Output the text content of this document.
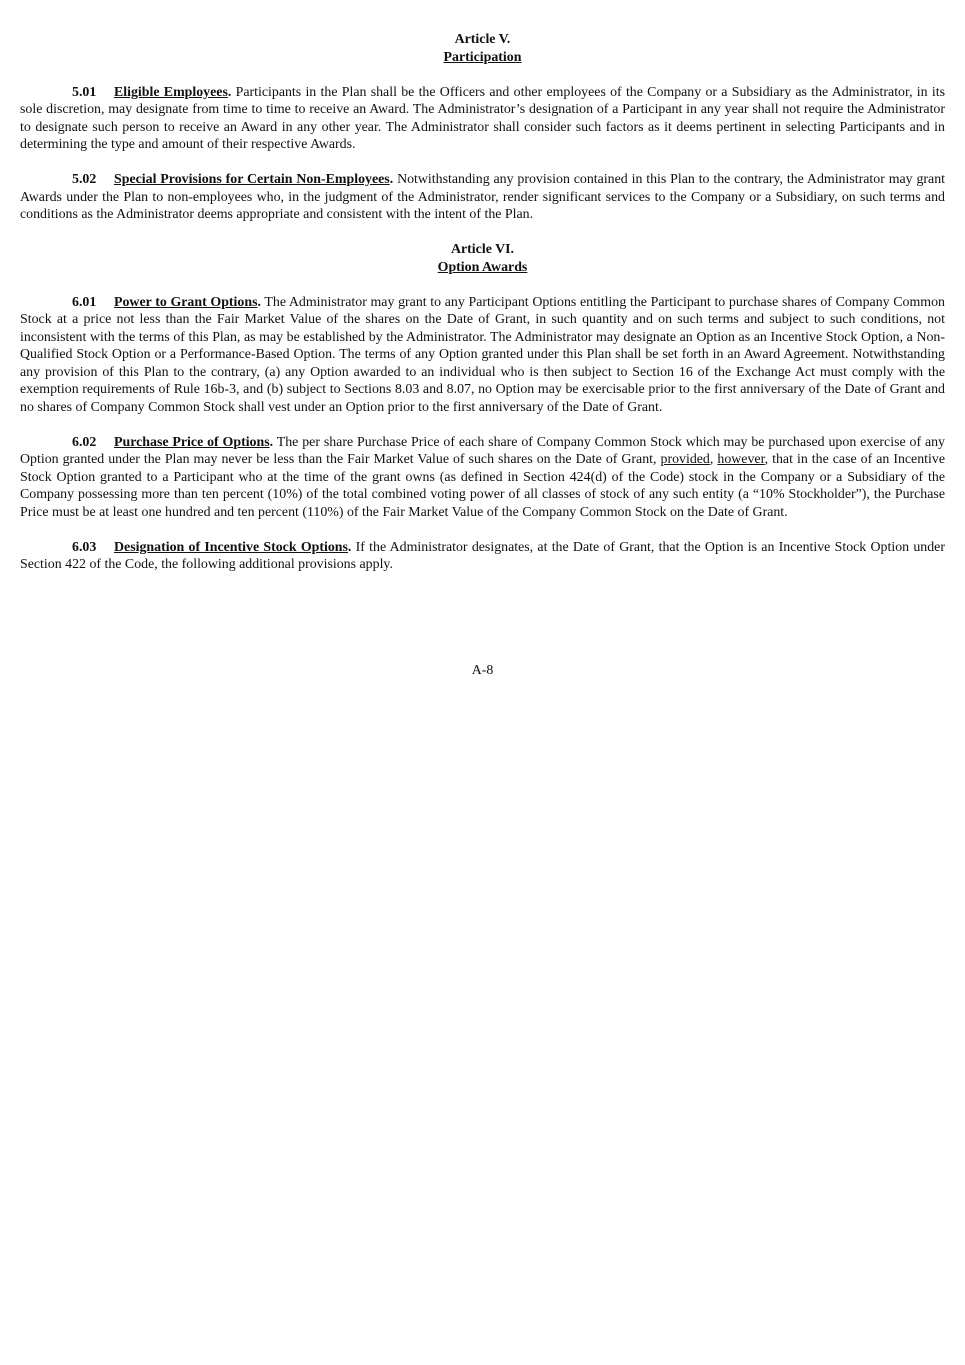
Article V.
Participation

5.01 Eligible Employees. Participants in the Plan shall be the Officers and other employees of the Company or a Subsidiary as the Administrator, in its sole discretion, may designate from time to time to receive an Award. The Administrator’s designation of a Participant in any year shall not require the Administrator to designate such person to receive an Award in any other year. The Administrator shall consider such factors as it deems pertinent in selecting Participants and in determining the type and amount of their respective Awards.

5.02 Special Provisions for Certain Non-Employees. Notwithstanding any provision contained in this Plan to the contrary, the Administrator may grant Awards under the Plan to non-employees who, in the judgment of the Administrator, render significant services to the Company or a Subsidiary, on such terms and conditions as the Administrator deems appropriate and consistent with the intent of the Plan.

Article VI.
Option Awards

6.01 Power to Grant Options. The Administrator may grant to any Participant Options entitling the Participant to purchase shares of Company Common Stock at a price not less than the Fair Market Value of the shares on the Date of Grant, in such quantity and on such terms and subject to such conditions, not inconsistent with the terms of this Plan, as may be established by the Administrator. The Administrator may designate an Option as an Incentive Stock Option, a Non-Qualified Stock Option or a Performance-Based Option. The terms of any Option granted under this Plan shall be set forth in an Award Agreement. Notwithstanding any provision of this Plan to the contrary, (a) any Option awarded to an individual who is then subject to Section 16 of the Exchange Act must comply with the exemption requirements of Rule 16b-3, and (b) subject to Sections 8.03 and 8.07, no Option may be exercisable prior to the first anniversary of the Date of Grant and no shares of Company Common Stock shall vest under an Option prior to the first anniversary of the Date of Grant.

6.02 Purchase Price of Options. The per share Purchase Price of each share of Company Common Stock which may be purchased upon exercise of any Option granted under the Plan may never be less than the Fair Market Value of such shares on the Date of Grant, provided, however, that in the case of an Incentive Stock Option granted to a Participant who at the time of the grant owns (as defined in Section 424(d) of the Code) stock in the Company or a Subsidiary of the Company possessing more than ten percent (10%) of the total combined voting power of all classes of stock of any such entity (a “10% Stockholder”), the Purchase Price must be at least one hundred and ten percent (110%) of the Fair Market Value of the Company Common Stock on the Date of Grant.

6.03 Designation of Incentive Stock Options. If the Administrator designates, at the Date of Grant, that the Option is an Incentive Stock Option under Section 422 of the Code, the following additional provisions apply.

A-8
